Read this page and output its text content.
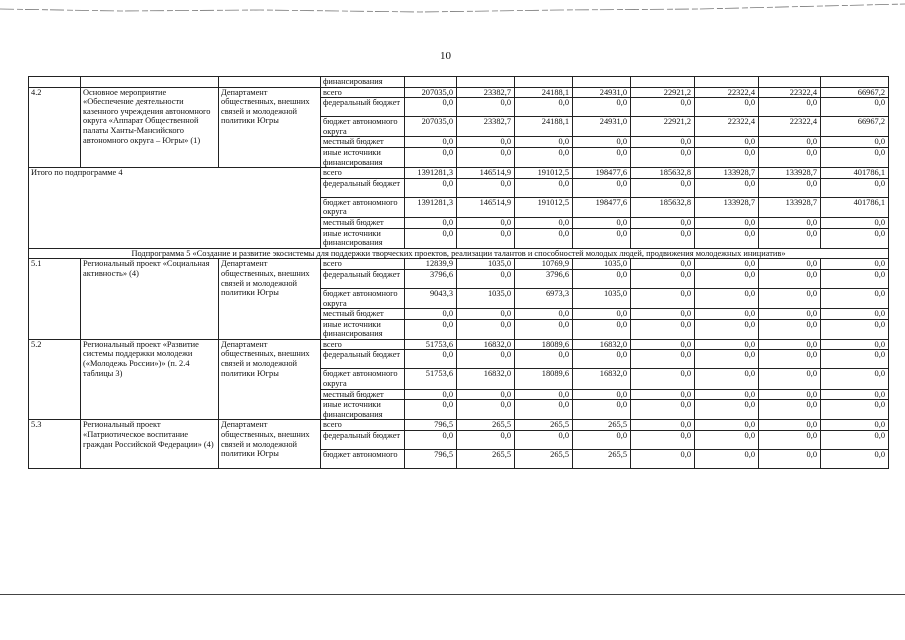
10
			финансирования								
4.2	Основное мероприятие «Обеспечение деятельности казенного учреждения автономного округа «Аппарат Общественной палаты Ханты-Мансийского автономного округа – Югры» (1)	Департамент общественных, внешних связей и молодежной политики Югры	всего	207035,0	23382,7	24188,1	24931,0	22921,2	22322,4	22322,4	66967,2
			федеральный бюджет	0,0	0,0	0,0	0,0	0,0	0,0	0,0	0,0
			бюджет автономного округа	207035,0	23382,7	24188,1	24931,0	22921,2	22322,4	22322,4	66967,2
			местный бюджет	0,0	0,0	0,0	0,0	0,0	0,0	0,0	0,0
			иные источники финансирования	0,0	0,0	0,0	0,0	0,0	0,0	0,0	0,0
Итого по подпрограмме 4			всего	1391281,3	146514,9	191012,5	198477,6	185632,8	133928,7	133928,7	401786,1
			федеральный бюджет	0,0	0,0	0,0	0,0	0,0	0,0	0,0	0,0
			бюджет автономного округа	1391281,3	146514,9	191012,5	198477,6	185632,8	133928,7	133928,7	401786,1
			местный бюджет	0,0	0,0	0,0	0,0	0,0	0,0	0,0	0,0
			иные источники финансирования	0,0	0,0	0,0	0,0	0,0	0,0	0,0	0,0
Подпрограмма 5 «Создание и развитие экосистемы для поддержки творческих проектов, реализации талантов и способностей молодых людей, продвижения молодежных инициатив»											
5.1	Региональный проект «Социальная активность» (4)	Департамент общественных, внешних связей и молодежной политики Югры	всего	12839,9	1035,0	10769,9	1035,0	0,0	0,0	0,0	0,0
			федеральный бюджет	3796,6	0,0	3796,6	0,0	0,0	0,0	0,0	0,0
			бюджет автономного округа	9043,3	1035,0	6973,3	1035,0	0,0	0,0	0,0	0,0
			местный бюджет	0,0	0,0	0,0	0,0	0,0	0,0	0,0	0,0
			иные источники финансирования	0,0	0,0	0,0	0,0	0,0	0,0	0,0	0,0
5.2	Региональный проект «Развитие системы поддержки молодежи («Молодежь России»)» (п. 2.4 таблицы 3)	Департамент общественных, внешних связей и молодежной политики Югры	всего	51753,6	16832,0	18089,6	16832,0	0,0	0,0	0,0	0,0
			федеральный бюджет	0,0	0,0	0,0	0,0	0,0	0,0	0,0	0,0
			бюджет автономного округа	51753,6	16832,0	18089,6	16832,0	0,0	0,0	0,0	0,0
			местный бюджет	0,0	0,0	0,0	0,0	0,0	0,0	0,0	0,0
			иные источники финансирования	0,0	0,0	0,0	0,0	0,0	0,0	0,0	0,0
5.3	Региональный проект «Патриотическое воспитание граждан Российской Федерации» (4)	Департамент общественных, внешних связей и молодежной политики Югры	всего	796,5	265,5	265,5	265,5	0,0	0,0	0,0	0,0
			федеральный бюджет	0,0	0,0	0,0	0,0	0,0	0,0	0,0	0,0
			бюджет автономного	796,5	265,5	265,5	265,5	0,0	0,0	0,0	0,0
